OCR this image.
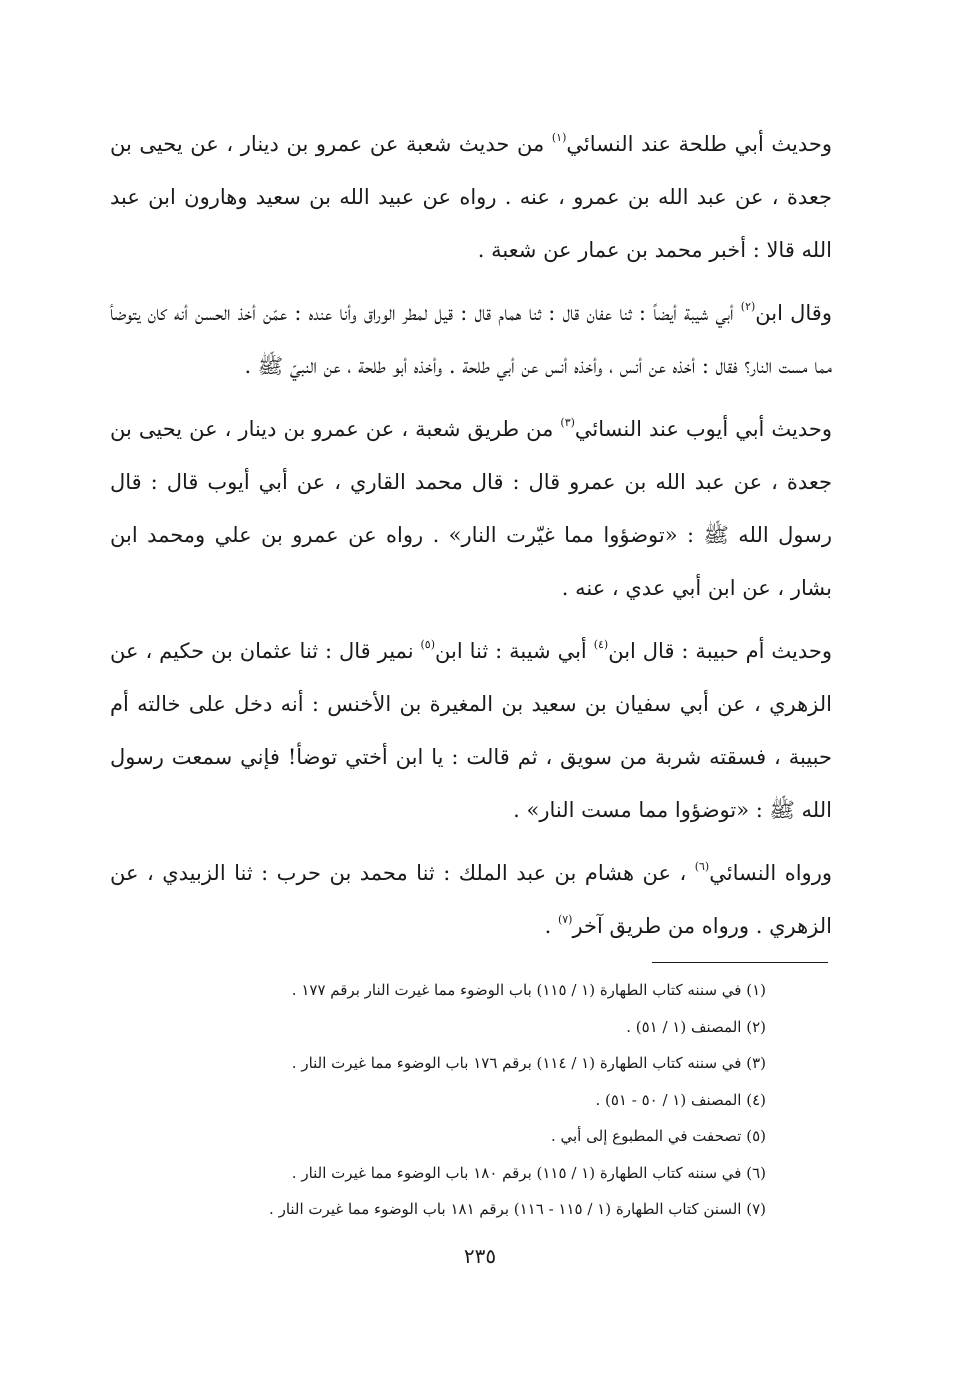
وحديث أبي طلحة عند النسائي$^{(١)}$ من حديث شعبة عن عمرو بن دينار ، عن يحيى بن جعدة ، عن عبد الله بن عمرو ، عنه . رواه عن عبيد الله بن سعيد وهارون ابن عبد الله قالا : أخبر محمد بن عمار عن شعبة .

وقال ابن$^{(٢)}$ أبي شيبة أيضاً : ثنا عفان قال : ثنا همام قال : قيل لمطر الوراق وأنا عنده : عمّن أخذ الحسن أنه كان يتوضأ مما مست النار؟ فقال : أخذه عن أنس ، وأخذه أنس عن أبي طلحة . وأخذه أبو طلحة ، عن النبيّ ﷺ .

وحديث أبي أيوب عند النسائي$^{(٣)}$ من طريق شعبة ، عن عمرو بن دينار ، عن يحيى بن جعدة ، عن عبد الله بن عمرو قال : قال محمد القاري ، عن أبي أيوب قال : قال رسول الله ﷺ : «توضؤوا مما غيّرت النار» . رواه عن عمرو بن علي ومحمد ابن بشار ، عن ابن أبي عدي ، عنه .

وحديث أم حبيبة : قال ابن$^{(٤)}$ أبي شيبة : ثنا ابن$^{(٥)}$ نمير قال : ثنا عثمان بن حكيم ، عن الزهري ، عن أبي سفيان بن سعيد بن المغيرة بن الأخنس : أنه دخل على خالته أم حبيبة ، فسقته شربة من سويق ، ثم قالت : يا ابن أختي توضأ! فإني سمعت رسول الله ﷺ : «توضؤوا مما مست النار» .

ورواه النسائي$^{(٦)}$ ، عن هشام بن عبد الملك : ثنا محمد بن حرب : ثنا الزبيدي ، عن الزهري . ورواه من طريق آخر$^{(٧)}$ .

(١) في سننه كتاب الطهارة (١ / ١١٥) باب الوضوء مما غيرت النار برقم ١٧٧ .

(٢) المصنف (١ / ٥١) .

(٣) في سننه كتاب الطهارة (١ / ١١٤) برقم ١٧٦ باب الوضوء مما غيرت النار .

(٤) المصنف (١ / ٥٠ - ٥١) .

(٥) تصحفت في المطبوع إلى أبي .

(٦) في سننه كتاب الطهارة (١ / ١١٥) برقم ١٨٠ باب الوضوء مما غيرت النار .

(٧) السنن كتاب الطهارة (١ / ١١٥ - ١١٦) برقم ١٨١ باب الوضوء مما غيرت النار .

٢٣٥
